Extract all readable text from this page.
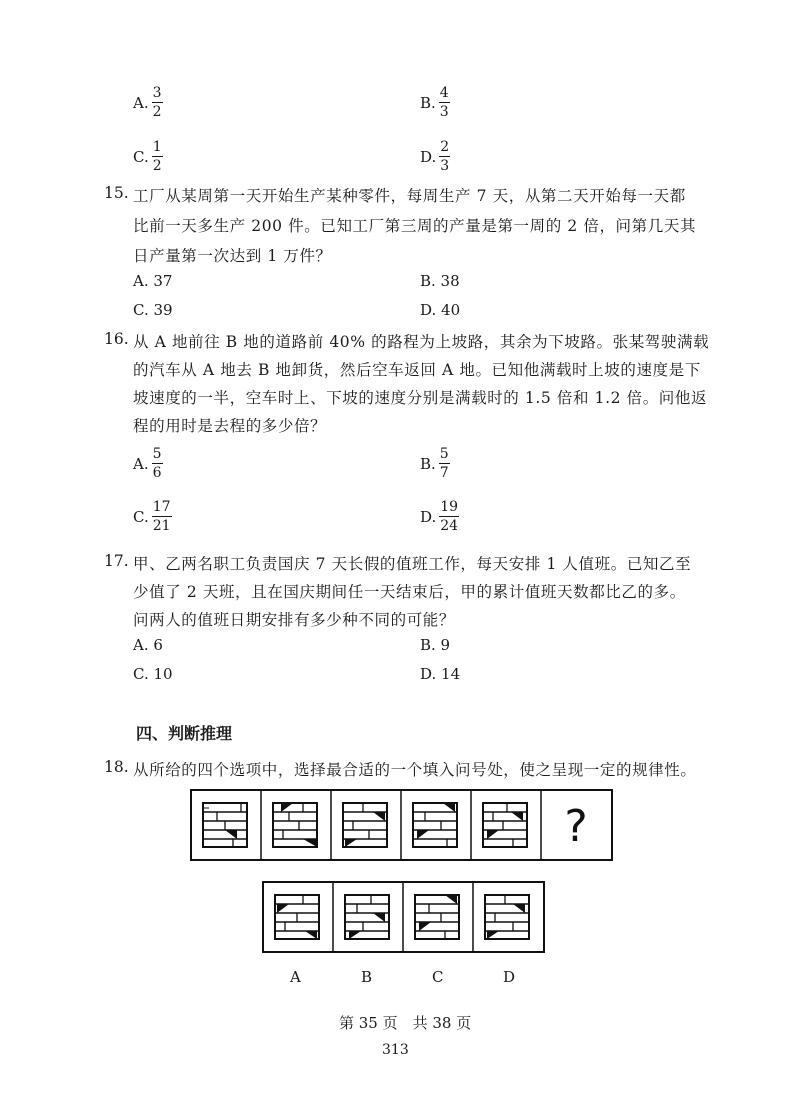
A. $\frac{3}{2}$	B. $\frac{4}{3}$
C. $\frac{1}{2}$	D. $\frac{2}{3}$
15. 工厂从某周第一天开始生产某种零件，每周生产 7 天，从第二天开始每一天都
比前一天多生产 200 件。已知工厂第三周的产量是第一周的 2 倍，问第几天其
日产量第一次达到 1 万件？
A. 37	B. 38
C. 39	D. 40
16. 从 A 地前往 B 地的道路前 40% 的路程为上坡路，其余为下坡路。张某驾驶满载
的汽车从 A 地去 B 地卸货，然后空车返回 A 地。已知他满载时上坡的速度是下
坡速度的一半，空车时上、下坡的速度分别是满载时的 1.5 倍和 1.2 倍。问他返
程的用时是去程的多少倍？
A. $\frac{5}{6}$	B. $\frac{5}{7}$
C. $\frac{17}{21}$	D. $\frac{19}{24}$
17. 甲、乙两名职工负责国庆 7 天长假的值班工作，每天安排 1 人值班。已知乙至
少值了 2 天班，且在国庆期间任一天结束后，甲的累计值班天数都比乙的多。
问两人的值班日期安排有多少种不同的可能？
A. 6	B. 9
C. 10	D. 14
四、判断推理
18. 从所给的四个选项中，选择最合适的一个填入问号处，使之呈现一定的规律性。
?
A	B	C	D
第 35 页　共 38 页
313
